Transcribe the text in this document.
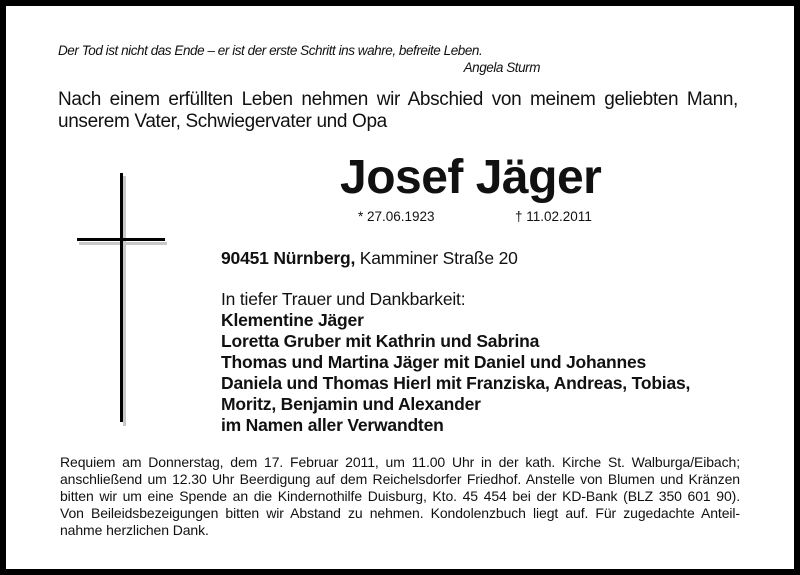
Der Tod ist nicht das Ende – er ist der erste Schritt ins wahre, befreite Leben.
Angela Sturm
Nach einem erfüllten Leben nehmen wir Abschied von meinem geliebten Mann,
unserem Vater, Schwiegervater und Opa
Josef Jäger
* 27.06.1923	† 11.02.2011
90451 Nürnberg, Kamminer Straße 20
In tiefer Trauer und Dankbarkeit:
Klementine Jäger
Loretta Gruber mit Kathrin und Sabrina
Thomas und Martina Jäger mit Daniel und Johannes
Daniela und Thomas Hierl mit Franziska, Andreas, Tobias,
Moritz, Benjamin und Alexander
im Namen aller Verwandten
Requiem am Donnerstag, dem 17. Februar 2011, um 11.00 Uhr in der kath. Kirche St. Walburga/Eibach;
anschließend um 12.30 Uhr Beerdigung auf dem Reichelsdorfer Friedhof. Anstelle von Blumen und Kränzen
bitten wir um eine Spende an die Kindernothilfe Duisburg, Kto. 45 454 bei der KD-Bank (BLZ 350 601 90).
Von Beileidsbezeigungen bitten wir Abstand zu nehmen. Kondolenzbuch liegt auf. Für zugedachte Anteil-
nahme herzlichen Dank.
